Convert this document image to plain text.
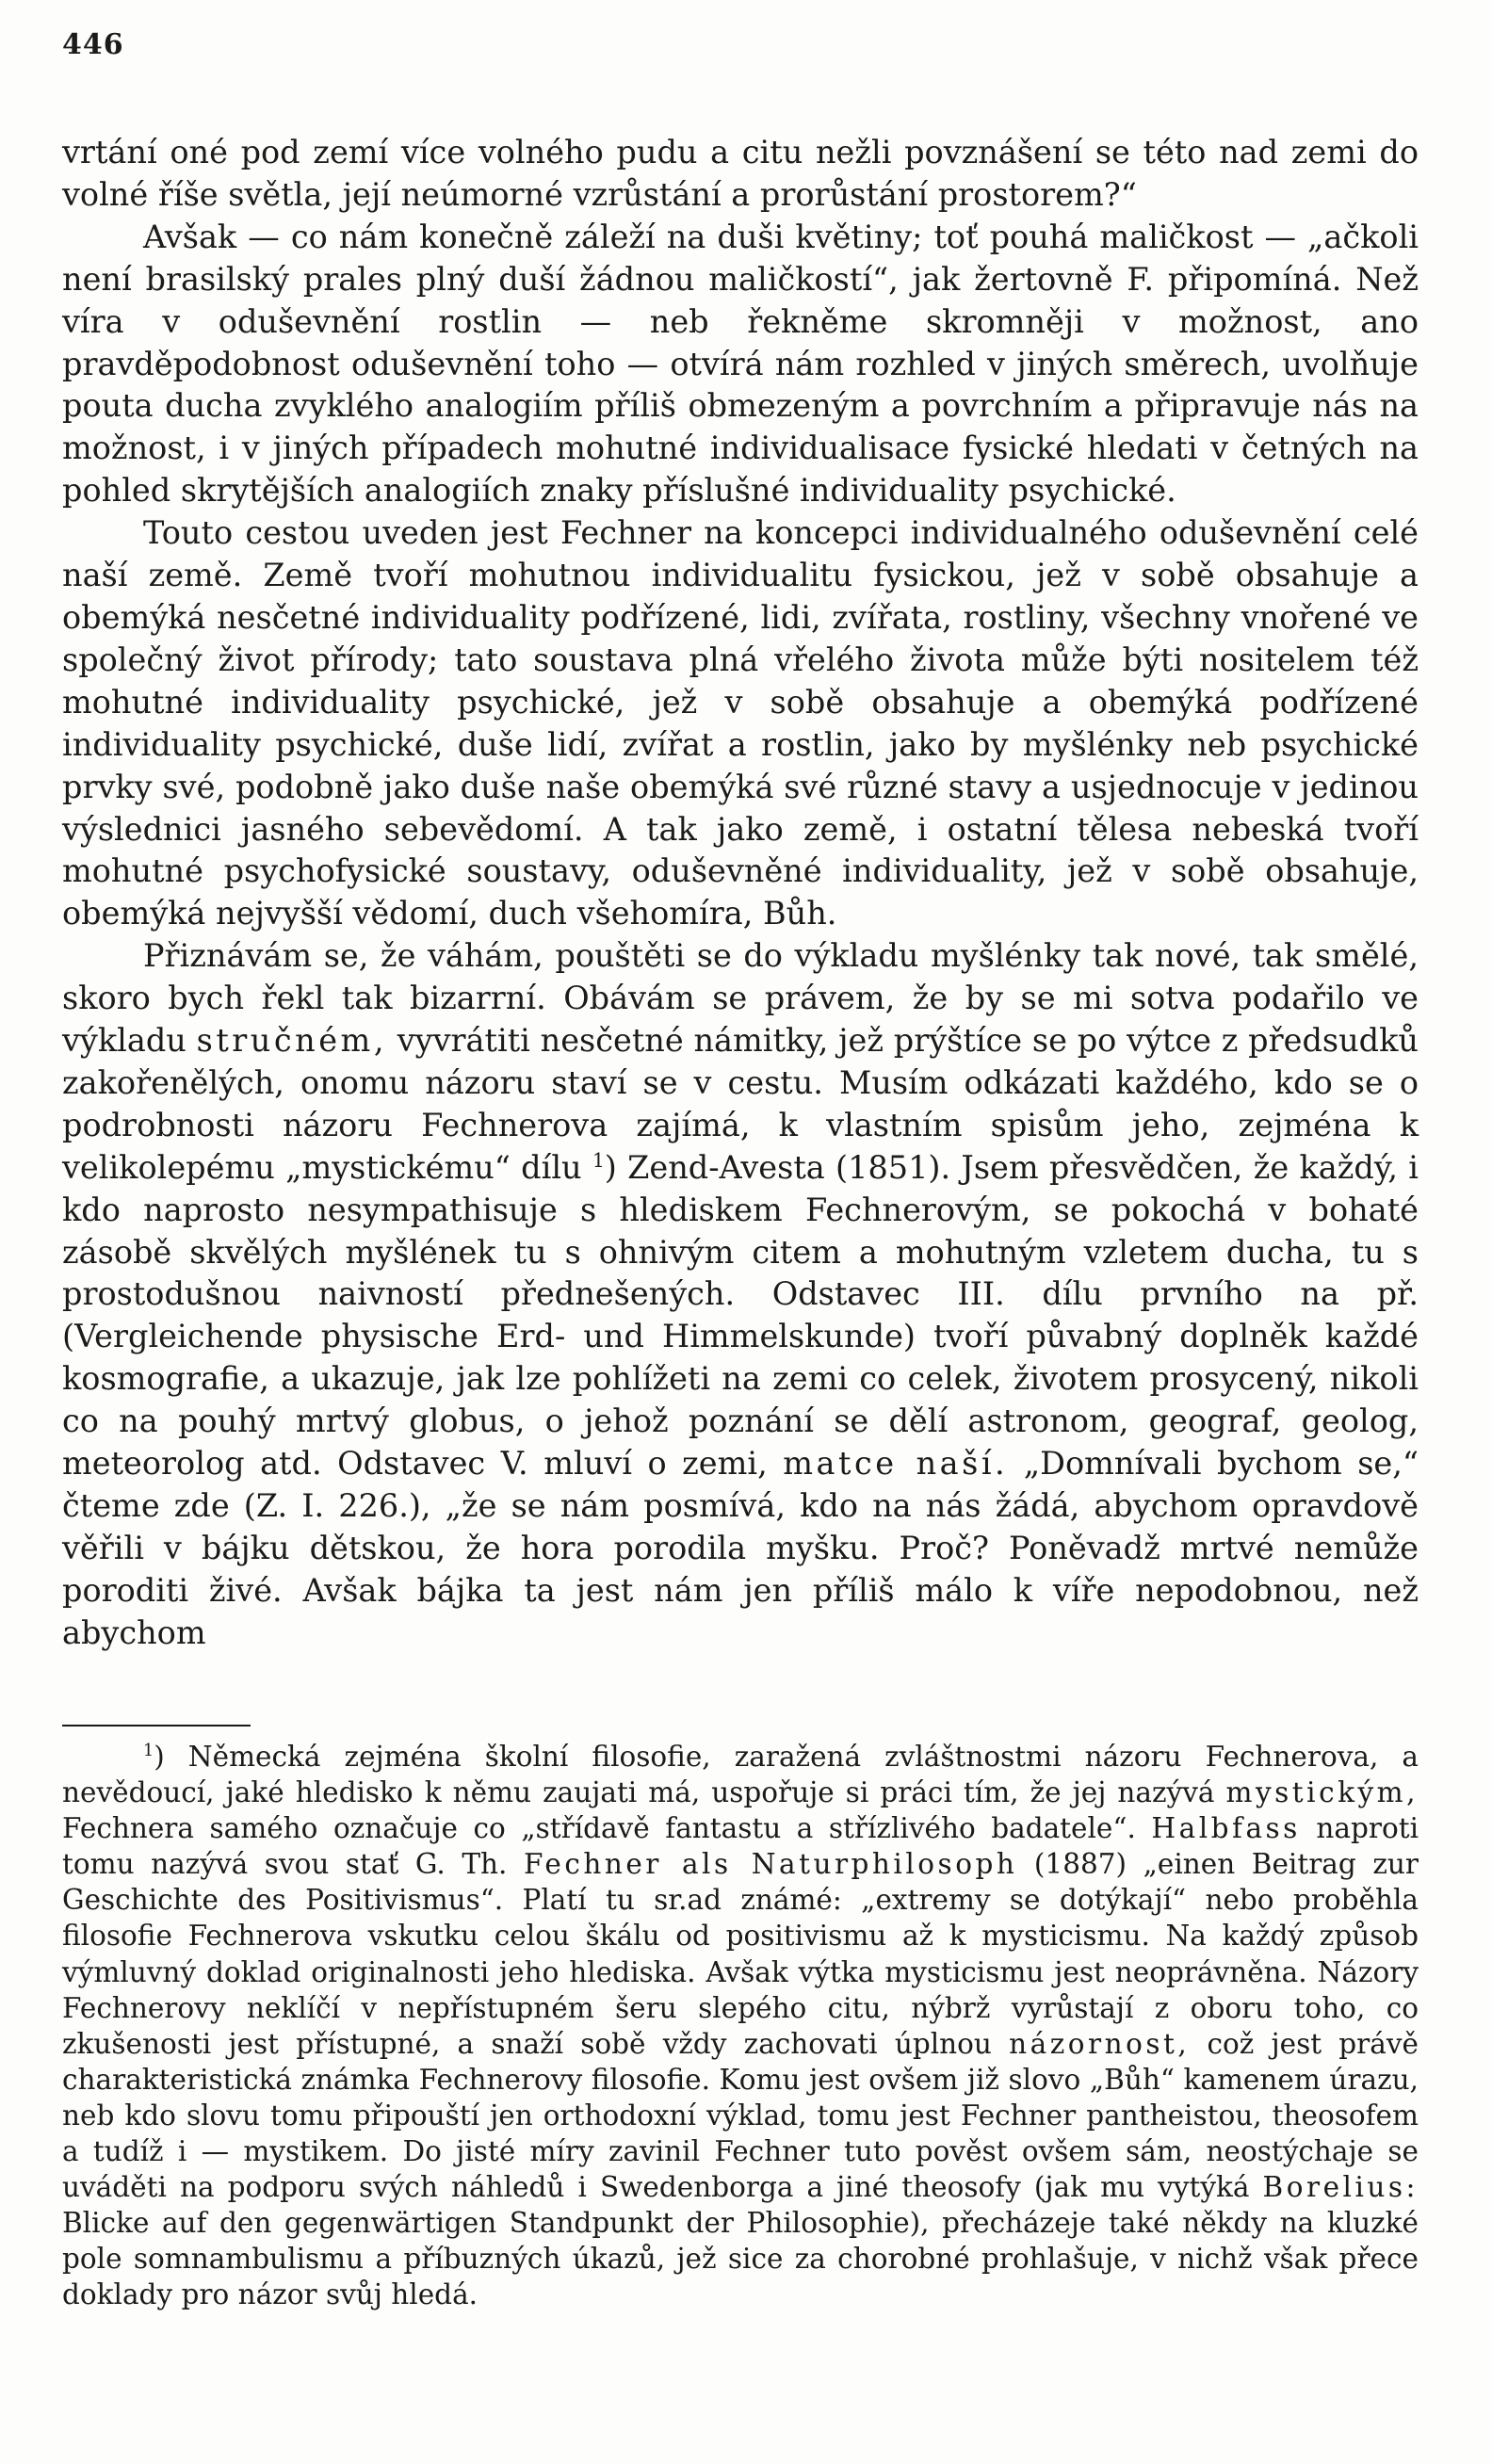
446

vrtání oné pod zemí více volného pudu a citu nežli povznášení se této nad zemi do volné říše světla, její neúmorné vzrůstání a prorůstání prostorem?“

Avšak — co nám konečně záleží na duši květiny; toť pouhá maličkost — „ačkoli není brasilský prales plný duší žádnou maličkostí“, jak žertovně F. připomíná. Než víra v oduševnění rostlin — neb řekněme skromněji v možnost, ano pravděpodobnost oduševnění toho — otvírá nám rozhled v jiných směrech, uvolňuje pouta ducha zvyklého analogiím příliš obmezeným a povrchním a připravuje nás na možnost, i v jiných případech mohutné individualisace fysické hledati v četných na pohled skrytějších analogiích znaky příslušné individuality psychické.

Touto cestou uveden jest Fechner na koncepci individualného oduševnění celé naší země. Země tvoří mohutnou individualitu fysickou, jež v sobě obsahuje a obemýká nesčetné individuality podřízené, lidi, zvířata, rostliny, všechny vnořené ve společný život přírody; tato soustava plná vřelého života může býti nositelem též mohutné individuality psychické, jež v sobě obsahuje a obemýká podřízené individuality psychické, duše lidí, zvířat a rostlin, jako by myšlénky neb psychické prvky své, podobně jako duše naše obemýká své různé stavy a usjednocuje v jedinou výslednici jasného sebevědomí. A tak jako země, i ostatní tělesa nebeská tvoří mohutné psychofysické soustavy, oduševněné individuality, jež v sobě obsahuje, obemýká nejvyšší vědomí, duch všehomíra, Bůh.

Přiznávám se, že váhám, pouštěti se do výkladu myšlénky tak nové, tak smělé, skoro bych řekl tak bizarrní. Obávám se právem, že by se mi sotva podařilo ve výkladu stručném, vyvrátiti nesčetné námitky, jež prýštíce se po výtce z předsudků zakořenělých, onomu názoru staví se v cestu. Musím odkázati každého, kdo se o podrobnosti názoru Fechnerova zajímá, k vlastním spisům jeho, zejména k velikolepému „mystickému“ dílu $^1$) Zend-Avesta (1851). Jsem přesvědčen, že každý, i kdo naprosto nesympathisuje s hlediskem Fechnerovým, se pokochá v bohaté zásobě skvělých myšlének tu s ohnivým citem a mohutným vzletem ducha, tu s prostodušnou naivností přednešených. Odstavec III. dílu prvního na př. (Vergleichende physische Erd- und Himmelskunde) tvoří půvabný doplněk každé kosmografie, a ukazuje, jak lze pohlížeti na zemi co celek, životem prosycený, nikoli co na pouhý mrtvý globus, o jehož poznání se dělí astronom, geograf, geolog, meteorolog atd. Odstavec V. mluví o zemi, matce naší. „Domnívali bychom se,“ čteme zde (Z. I. 226.), „že se nám posmívá, kdo na nás žádá, abychom opravdově věřili v bájku dětskou, že hora porodila myšku. Proč? Poněvadž mrtvé nemůže poroditi živé. Avšak bájka ta jest nám jen příliš málo k víře nepodobnou, než abychom

$^1$) Německá zejména školní filosofie, zaražená zvláštnostmi názoru Fechnerova, a nevědoucí, jaké hledisko k němu zaujati má, uspořuje si práci tím, že jej nazývá mystickým, Fechnera samého označuje co „střídavě fantastu a střízlivého badatele“. Halbfass naproti tomu nazývá svou stať G. Th. Fechner als Naturphilosoph (1887) „einen Beitrag zur Geschichte des Positivismus“. Platí tu sr.ad známé: „extremy se dotýkají“ nebo proběhla filosofie Fechnerova vskutku celou škálu od positivismu až k mysticismu. Na každý způsob výmluvný doklad originalnosti jeho hlediska. Avšak výtka mysticismu jest neoprávněna. Názory Fechnerovy neklíčí v nepřístupném šeru slepého citu, nýbrž vyrůstají z oboru toho, co zkušenosti jest přístupné, a snaží sobě vždy zachovati úplnou názornost, což jest právě charakteristická známka Fechnerovy filosofie. Komu jest ovšem již slovo „Bůh“ kamenem úrazu, neb kdo slovu tomu připouští jen orthodoxní výklad, tomu jest Fechner pantheistou, theosofem a tudíž i — mystikem. Do jisté míry zavinil Fechner tuto pověst ovšem sám, neostýchaje se uváděti na podporu svých náhledů i Swedenborga a jiné theosofy (jak mu vytýká Borelius: Blicke auf den gegenwärtigen Standpunkt der Philosophie), přecházeje také někdy na kluzké pole somnambulismu a příbuzných úkazů, jež sice za chorobné prohlašuje, v nichž však přece doklady pro názor svůj hledá.
